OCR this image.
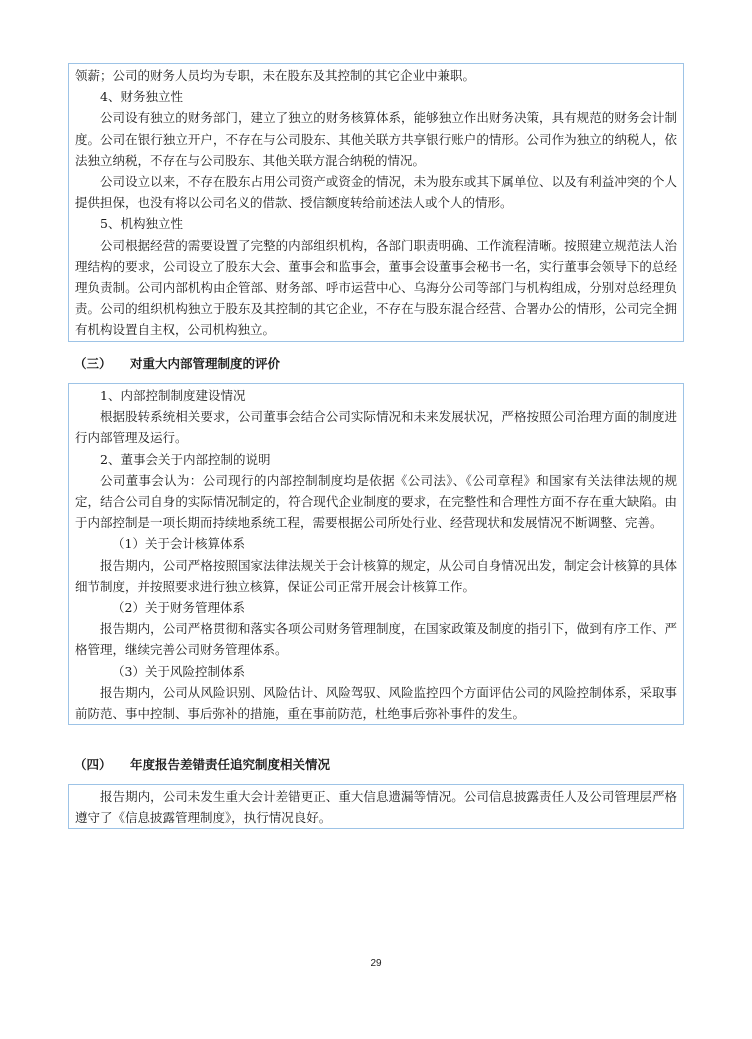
领薪；公司的财务人员均为专职，未在股东及其控制的其它企业中兼职。

4、财务独立性

公司设有独立的财务部门，建立了独立的财务核算体系，能够独立作出财务决策，具有规范的财务会计制度。公司在银行独立开户，不存在与公司股东、其他关联方共享银行账户的情形。公司作为独立的纳税人，依法独立纳税，不存在与公司股东、其他关联方混合纳税的情况。

公司设立以来，不存在股东占用公司资产或资金的情况，未为股东或其下属单位、以及有利益冲突的个人提供担保，也没有将以公司名义的借款、授信额度转给前述法人或个人的情形。

5、机构独立性

公司根据经营的需要设置了完整的内部组织机构，各部门职责明确、工作流程清晰。按照建立规范法人治理结构的要求，公司设立了股东大会、董事会和监事会，董事会设董事会秘书一名，实行董事会领导下的总经理负责制。公司内部机构由企管部、财务部、呼市运营中心、乌海分公司等部门与机构组成，分别对总经理负责。公司的组织机构独立于股东及其控制的其它企业，不存在与股东混合经营、合署办公的情形，公司完全拥有机构设置自主权，公司机构独立。

（三） 对重大内部管理制度的评价

1、内部控制制度建设情况

根据股转系统相关要求，公司董事会结合公司实际情况和未来发展状况，严格按照公司治理方面的制度进行内部管理及运行。

2、董事会关于内部控制的说明

公司董事会认为：公司现行的内部控制制度均是依据《公司法》、《公司章程》和国家有关法律法规的规定，结合公司自身的实际情况制定的，符合现代企业制度的要求，在完整性和合理性方面不存在重大缺陷。由于内部控制是一项长期而持续地系统工程，需要根据公司所处行业、经营现状和发展情况不断调整、完善。

（1）关于会计核算体系

报告期内，公司严格按照国家法律法规关于会计核算的规定，从公司自身情况出发，制定会计核算的具体细节制度，并按照要求进行独立核算，保证公司正常开展会计核算工作。

（2）关于财务管理体系

报告期内，公司严格贯彻和落实各项公司财务管理制度，在国家政策及制度的指引下，做到有序工作、严格管理，继续完善公司财务管理体系。

（3）关于风险控制体系

报告期内，公司从风险识别、风险估计、风险驾驭、风险监控四个方面评估公司的风险控制体系，采取事前防范、事中控制、事后弥补的措施，重在事前防范，杜绝事后弥补事件的发生。

（四） 年度报告差错责任追究制度相关情况

报告期内，公司未发生重大会计差错更正、重大信息遗漏等情况。公司信息披露责任人及公司管理层严格遵守了《信息披露管理制度》，执行情况良好。

29
